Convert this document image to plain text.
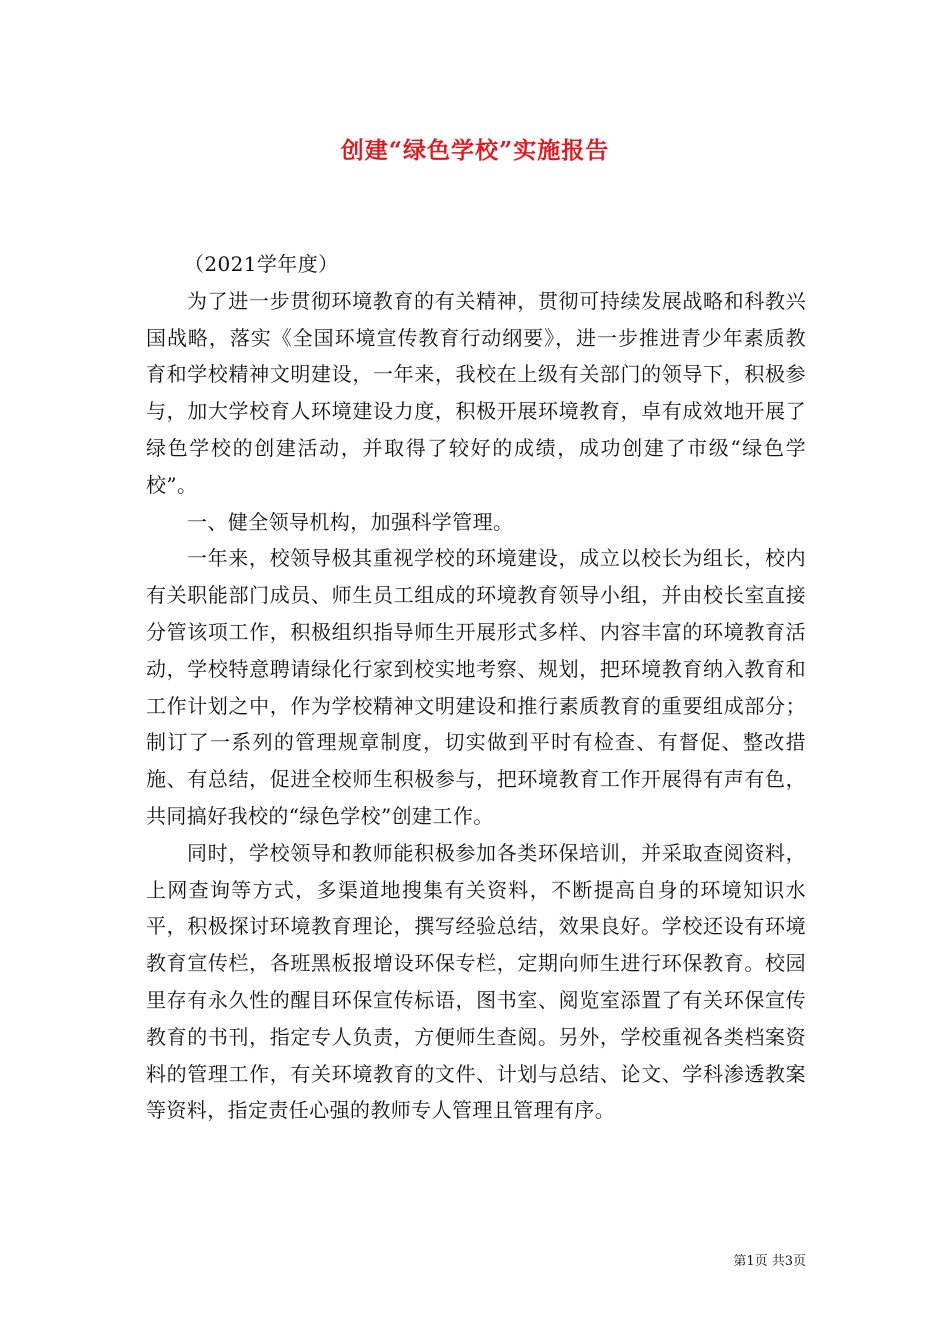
创建“绿色学校”实施报告

（2021学年度）

为了进一步贯彻环境教育的有关精神，贯彻可持续发展战略和科教兴国战略，落实《全国环境宣传教育行动纲要》，进一步推进青少年素质教育和学校精神文明建设，一年来，我校在上级有关部门的领导下，积极参与，加大学校育人环境建设力度，积极开展环境教育，卓有成效地开展了绿色学校的创建活动，并取得了较好的成绩，成功创建了市级“绿色学校”。

一、健全领导机构，加强科学管理。

一年来，校领导极其重视学校的环境建设，成立以校长为组长，校内有关职能部门成员、师生员工组成的环境教育领导小组，并由校长室直接分管该项工作，积极组织指导师生开展形式多样、内容丰富的环境教育活动，学校特意聘请绿化行家到校实地考察、规划，把环境教育纳入教育和工作计划之中，作为学校精神文明建设和推行素质教育的重要组成部分；制订了一系列的管理规章制度，切实做到平时有检查、有督促、整改措施、有总结，促进全校师生积极参与，把环境教育工作开展得有声有色，共同搞好我校的“绿色学校”创建工作。

同时，学校领导和教师能积极参加各类环保培训，并采取查阅资料，上网查询等方式，多渠道地搜集有关资料，不断提高自身的环境知识水平，积极探讨环境教育理论，撰写经验总结，效果良好。学校还设有环境教育宣传栏，各班黑板报增设环保专栏，定期向师生进行环保教育。校园里存有永久性的醒目环保宣传标语，图书室、阅览室添置了有关环保宣传教育的书刊，指定专人负责，方便师生查阅。另外，学校重视各类档案资料的管理工作，有关环境教育的文件、计划与总结、论文、学科渗透教案等资料，指定责任心强的教师专人管理且管理有序。

第1页 共3页
